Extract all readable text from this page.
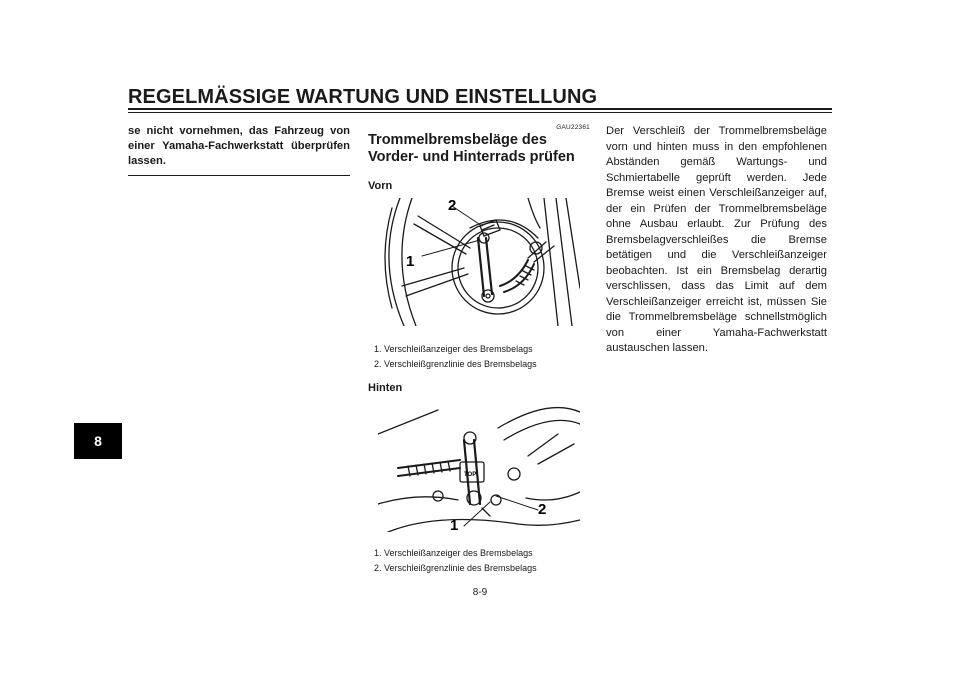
REGELMÄSSIGE WARTUNG UND EINSTELLUNG
8
se nicht vornehmen, das Fahrzeug von einer Yamaha-Fachwerkstatt überprüfen lassen.
GAU22361
Trommelbremsbeläge des Vorder- und Hinterrads prüfen
Vorn
2
1
1. Verschleißanzeiger des Bremsbelags
2. Verschleißgrenzlinie des Bremsbelags
Hinten
TOP
2
1
1. Verschleißanzeiger des Bremsbelags
2. Verschleißgrenzlinie des Bremsbelags
Der Verschleiß der Trommelbremsbeläge vorn und hinten muss in den empfohlenen Abständen gemäß Wartungs- und Schmiertabelle geprüft werden. Jede Bremse weist einen Verschleißanzeiger auf, der ein Prüfen der Trommelbremsbeläge ohne Ausbau erlaubt. Zur Prüfung des Bremsbelagverschleißes die Bremse betätigen und die Verschleißanzeiger beobachten. Ist ein Bremsbelag derartig verschlissen, dass das Limit auf dem Verschleißanzeiger erreicht ist, müssen Sie die Trommelbremsbeläge schnellstmöglich von einer Yamaha-Fachwerkstatt austauschen lassen.
8-9
